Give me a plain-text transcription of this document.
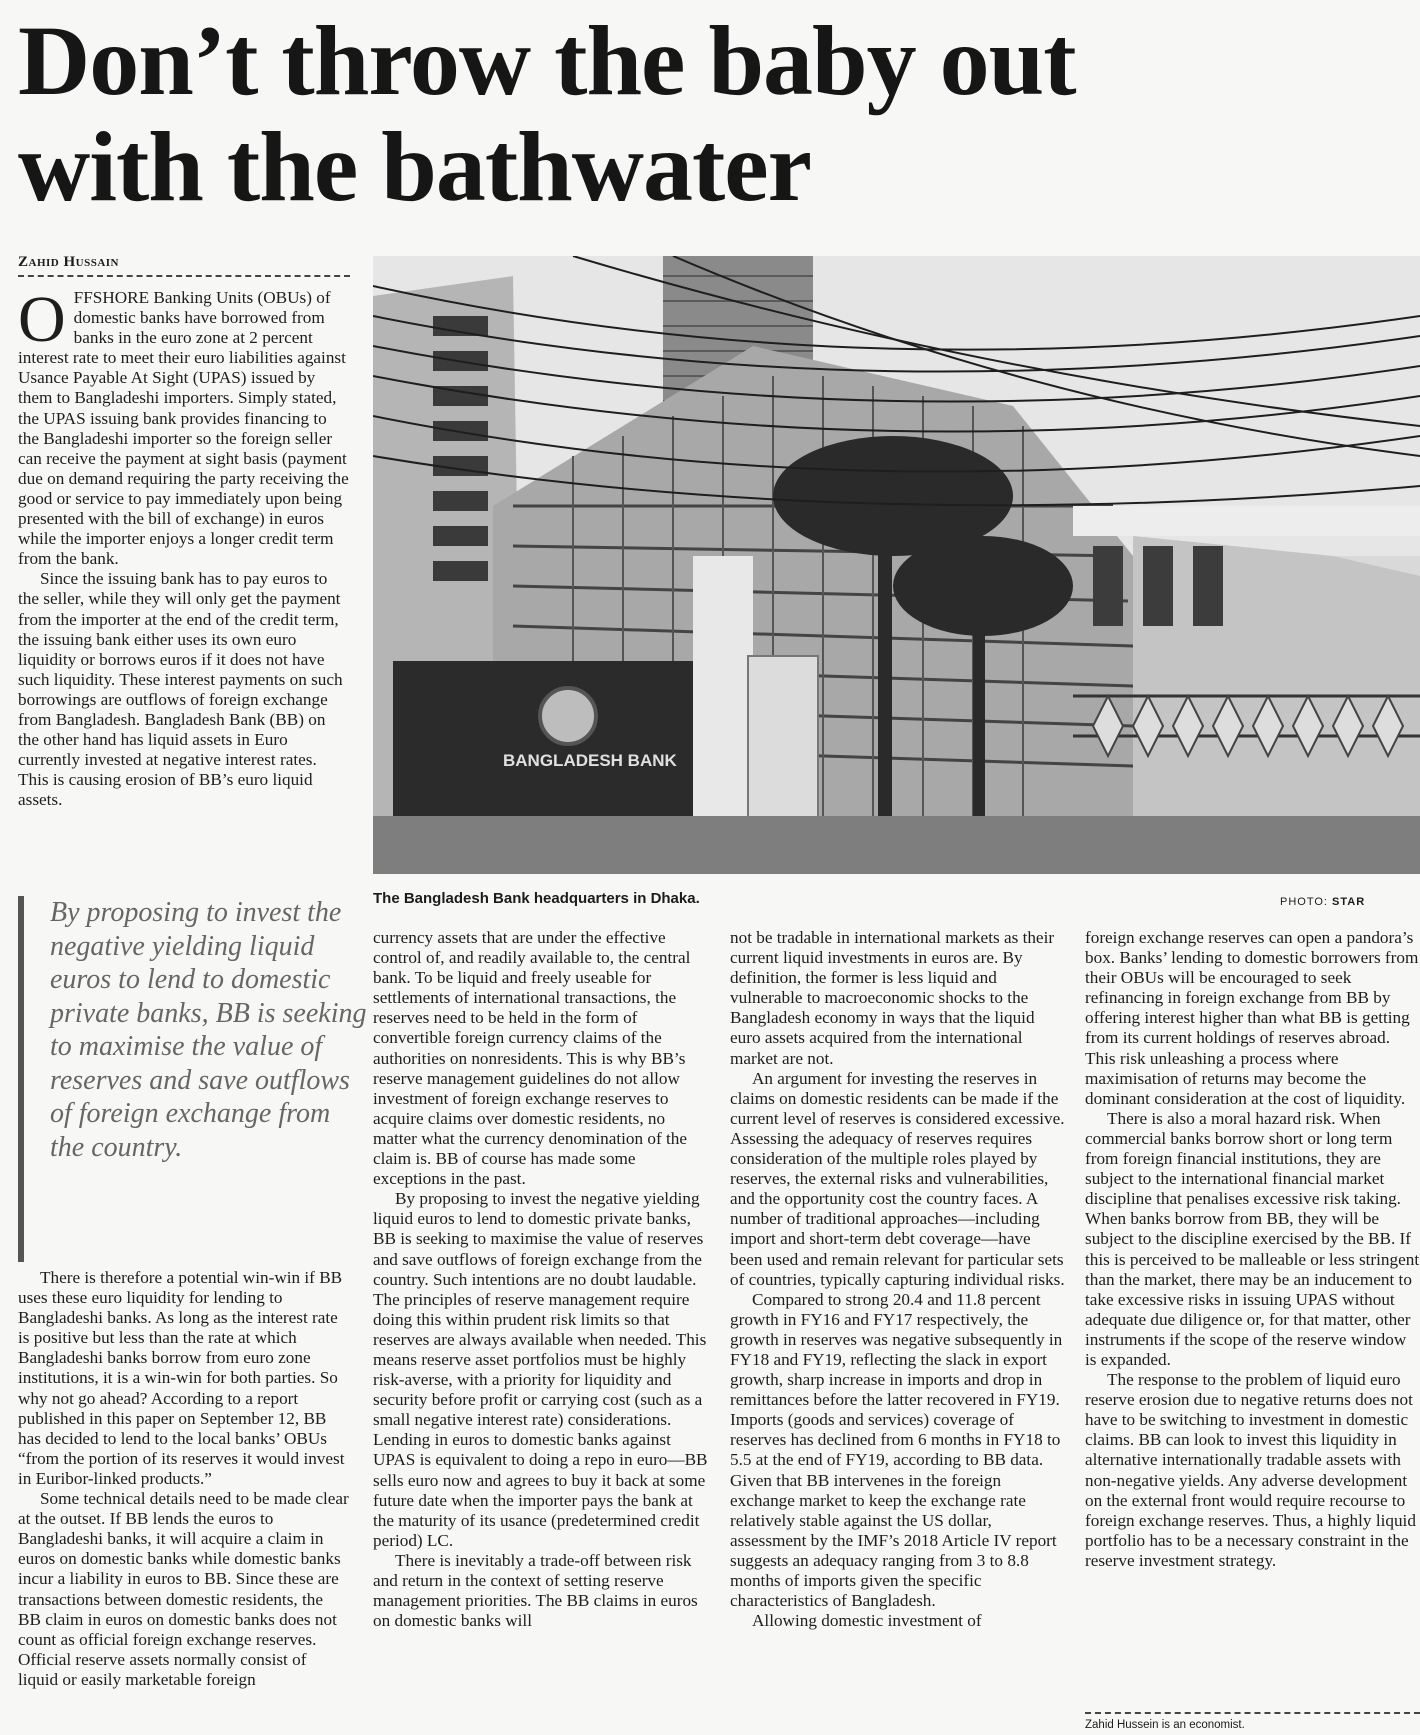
Don’t throw the baby out
with the bathwater
Zahid Hussain

OFFSHORE Banking Units (OBUs) of domestic banks have borrowed from banks in the euro zone at 2 percent interest rate to meet their euro liabilities against Usance Payable At Sight (UPAS) issued by them to Bangladeshi importers. Simply stated, the UPAS issuing bank provides financing to the Bangladeshi importer so the foreign seller can receive the payment at sight basis (payment due on demand requiring the party receiving the good or service to pay immediately upon being presented with the bill of exchange) in euros while the importer enjoys a longer credit term from the bank.

Since the issuing bank has to pay euros to the seller, while they will only get the payment from the importer at the end of the credit term, the issuing bank either uses its own euro liquidity or borrows euros if it does not have such liquidity. These interest payments on such borrowings are outflows of foreign exchange from Bangladesh. Bangladesh Bank (BB) on the other hand has liquid assets in Euro currently invested at negative interest rates. This is causing erosion of BB’s euro liquid assets.

BANGLADESH BANK
The Bangladesh Bank headquarters in Dhaka.	PHOTO: STAR
By proposing to invest the negative yielding liquid euros to lend to domestic private banks, BB is seeking to maximise the value of reserves and save outflows of foreign exchange from the country.

There is therefore a potential win-win if BB uses these euro liquidity for lending to Bangladeshi banks. As long as the interest rate is positive but less than the rate at which Bangladeshi banks borrow from euro zone institutions, it is a win-win for both parties. So why not go ahead? According to a report published in this paper on September 12, BB has decided to lend to the local banks’ OBUs “from the portion of its reserves it would invest in Euribor-linked products.”

Some technical details need to be made clear at the outset. If BB lends the euros to Bangladeshi banks, it will acquire a claim in euros on domestic banks while domestic banks incur a liability in euros to BB. Since these are transactions between domestic residents, the BB claim in euros on domestic banks does not count as official foreign exchange reserves. Official reserve assets normally consist of liquid or easily marketable foreign

currency assets that are under the effective control of, and readily available to, the central bank. To be liquid and freely useable for settlements of international transactions, the reserves need to be held in the form of convertible foreign currency claims of the authorities on nonresidents. This is why BB’s reserve management guidelines do not allow investment of foreign exchange reserves to acquire claims over domestic residents, no matter what the currency denomination of the claim is. BB of course has made some exceptions in the past.

By proposing to invest the negative yielding liquid euros to lend to domestic private banks, BB is seeking to maximise the value of reserves and save outflows of foreign exchange from the country. Such intentions are no doubt laudable. The principles of reserve management require doing this within prudent risk limits so that reserves are always available when needed. This means reserve asset portfolios must be highly risk-averse, with a priority for liquidity and security before profit or carrying cost (such as a small negative interest rate) considerations. Lending in euros to domestic banks against UPAS is equivalent to doing a repo in euro—BB sells euro now and agrees to buy it back at some future date when the importer pays the bank at the maturity of its usance (predetermined credit period) LC.

There is inevitably a trade-off between risk and return in the context of setting reserve management priorities. The BB claims in euros on domestic banks will

not be tradable in international markets as their current liquid investments in euros are. By definition, the former is less liquid and vulnerable to macroeconomic shocks to the Bangladesh economy in ways that the liquid euro assets acquired from the international market are not.

An argument for investing the reserves in claims on domestic residents can be made if the current level of reserves is considered excessive. Assessing the adequacy of reserves requires consideration of the multiple roles played by reserves, the external risks and vulnerabilities, and the opportunity cost the country faces. A number of traditional approaches—including import and short-term debt coverage—have been used and remain relevant for particular sets of countries, typically capturing individual risks.

Compared to strong 20.4 and 11.8 percent growth in FY16 and FY17 respectively, the growth in reserves was negative subsequently in FY18 and FY19, reflecting the slack in export growth, sharp increase in imports and drop in remittances before the latter recovered in FY19. Imports (goods and services) coverage of reserves has declined from 6 months in FY18 to 5.5 at the end of FY19, according to BB data. Given that BB intervenes in the foreign exchange market to keep the exchange rate relatively stable against the US dollar, assessment by the IMF’s 2018 Article IV report suggests an adequacy ranging from 3 to 8.8 months of imports given the specific characteristics of Bangladesh.

Allowing domestic investment of

foreign exchange reserves can open a pandora’s box. Banks’ lending to domestic borrowers from their OBUs will be encouraged to seek refinancing in foreign exchange from BB by offering interest higher than what BB is getting from its current holdings of reserves abroad. This risk unleashing a process where maximisation of returns may become the dominant consideration at the cost of liquidity.

There is also a moral hazard risk. When commercial banks borrow short or long term from foreign financial institutions, they are subject to the international financial market discipline that penalises excessive risk taking. When banks borrow from BB, they will be subject to the discipline exercised by the BB. If this is perceived to be malleable or less stringent than the market, there may be an inducement to take excessive risks in issuing UPAS without adequate due diligence or, for that matter, other instruments if the scope of the reserve window is expanded.

The response to the problem of liquid euro reserve erosion due to negative returns does not have to be switching to investment in domestic claims. BB can look to invest this liquidity in alternative internationally tradable assets with non-negative yields. Any adverse development on the external front would require recourse to foreign exchange reserves. Thus, a highly liquid portfolio has to be a necessary constraint in the reserve investment strategy.

Zahid Hussein is an economist.
